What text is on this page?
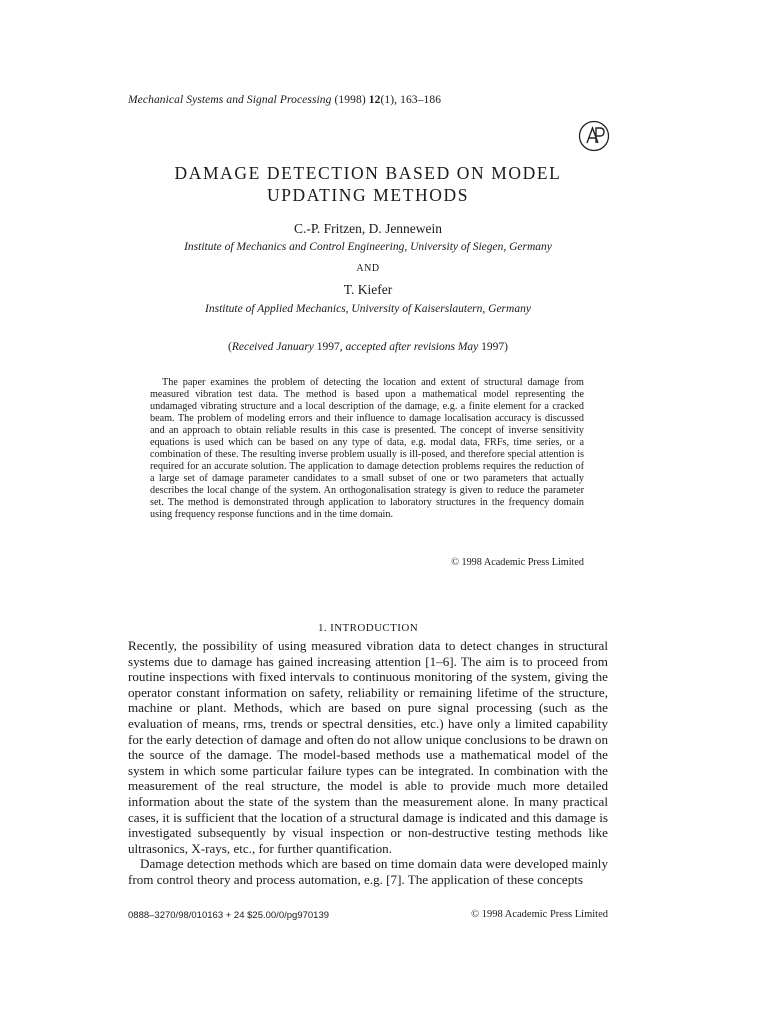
Mechanical Systems and Signal Processing (1998) 12(1), 163–186
DAMAGE DETECTION BASED ON MODEL
UPDATING METHODS
C.-P. Fritzen, D. Jennewein
Institute of Mechanics and Control Engineering, University of Siegen, Germany
AND
T. Kiefer
Institute of Applied Mechanics, University of Kaiserslautern, Germany
(Received January 1997, accepted after revisions May 1997)
The paper examines the problem of detecting the location and extent of structural damage from measured vibration test data. The method is based upon a mathematical model representing the undamaged vibrating structure and a local description of the damage, e.g. a finite element for a cracked beam. The problem of modeling errors and their influence to damage localisation accuracy is discussed and an approach to obtain reliable results in this case is presented. The concept of inverse sensitivity equations is used which can be based on any type of data, e.g. modal data, FRFs, time series, or a combination of these. The resulting inverse problem usually is ill-posed, and therefore special attention is required for an accurate solution. The application to damage detection problems requires the reduction of a large set of damage parameter candidates to a small subset of one or two parameters that actually describes the local change of the system. An orthogonalisation strategy is given to reduce the parameter set. The method is demonstrated through application to laboratory structures in the frequency domain using frequency response functions and in the time domain.
© 1998 Academic Press Limited
1. INTRODUCTION

Recently, the possibility of using measured vibration data to detect changes in structural systems due to damage has gained increasing attention [1–6]. The aim is to proceed from routine inspections with fixed intervals to continuous monitoring of the system, giving the operator constant information on safety, reliability or remaining lifetime of the structure, machine or plant. Methods, which are based on pure signal processing (such as the evaluation of means, rms, trends or spectral densities, etc.) have only a limited capability for the early detection of damage and often do not allow unique conclusions to be drawn on the source of the damage. The model-based methods use a mathematical model of the system in which some particular failure types can be integrated. In combination with the measurement of the real structure, the model is able to provide much more detailed information about the state of the system than the measurement alone. In many practical cases, it is sufficient that the location of a structural damage is indicated and this damage is investigated subsequently by visual inspection or non-destructive testing methods like ultrasonics, X-rays, etc., for further quantification.

Damage detection methods which are based on time domain data were developed mainly from control theory and process automation, e.g. [7]. The application of these concepts

0888–3270/98/010163 + 24 $25.00/0/pg970139	© 1998 Academic Press Limited
